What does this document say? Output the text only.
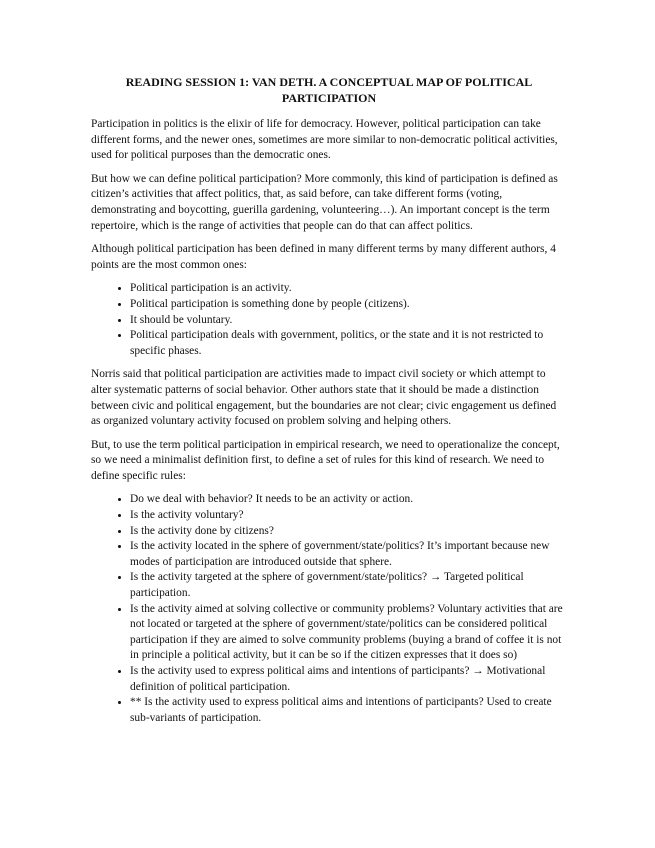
READING SESSION 1: VAN DETH. A CONCEPTUAL MAP OF POLITICAL PARTICIPATION

Participation in politics is the elixir of life for democracy. However, political participation can take different forms, and the newer ones, sometimes are more similar to non-democratic political activities, used for political purposes than the democratic ones.

But how we can define political participation? More commonly, this kind of participation is defined as citizen’s activities that affect politics, that, as said before, can take different forms (voting, demonstrating and boycotting, guerilla gardening, volunteering…). An important concept is the term repertoire, which is the range of activities that people can do that can affect politics.

Although political participation has been defined in many different terms by many different authors, 4 points are the most common ones:

• Political participation is an activity.
• Political participation is something done by people (citizens).
• It should be voluntary.
• Political participation deals with government, politics, or the state and it is not restricted to specific phases.

Norris said that political participation are activities made to impact civil society or which attempt to alter systematic patterns of social behavior. Other authors state that it should be made a distinction between civic and political engagement, but the boundaries are not clear; civic engagement us defined as organized voluntary activity focused on problem solving and helping others.

But, to use the term political participation in empirical research, we need to operationalize the concept, so we need a minimalist definition first, to define a set of rules for this kind of research. We need to define specific rules:

• Do we deal with behavior? It needs to be an activity or action.
• Is the activity voluntary?
• Is the activity done by citizens?
• Is the activity located in the sphere of government/state/politics? It’s important because new modes of participation are introduced outside that sphere.
• Is the activity targeted at the sphere of government/state/politics? → Targeted political participation.
• Is the activity aimed at solving collective or community problems? Voluntary activities that are not located or targeted at the sphere of government/state/politics can be considered political participation if they are aimed to solve community problems (buying a brand of coffee it is not in principle a political activity, but it can be so if the citizen expresses that it does so)
• Is the activity used to express political aims and intentions of participants? → Motivational definition of political participation.
• ** Is the activity used to express political aims and intentions of participants? Used to create sub-variants of participation.
